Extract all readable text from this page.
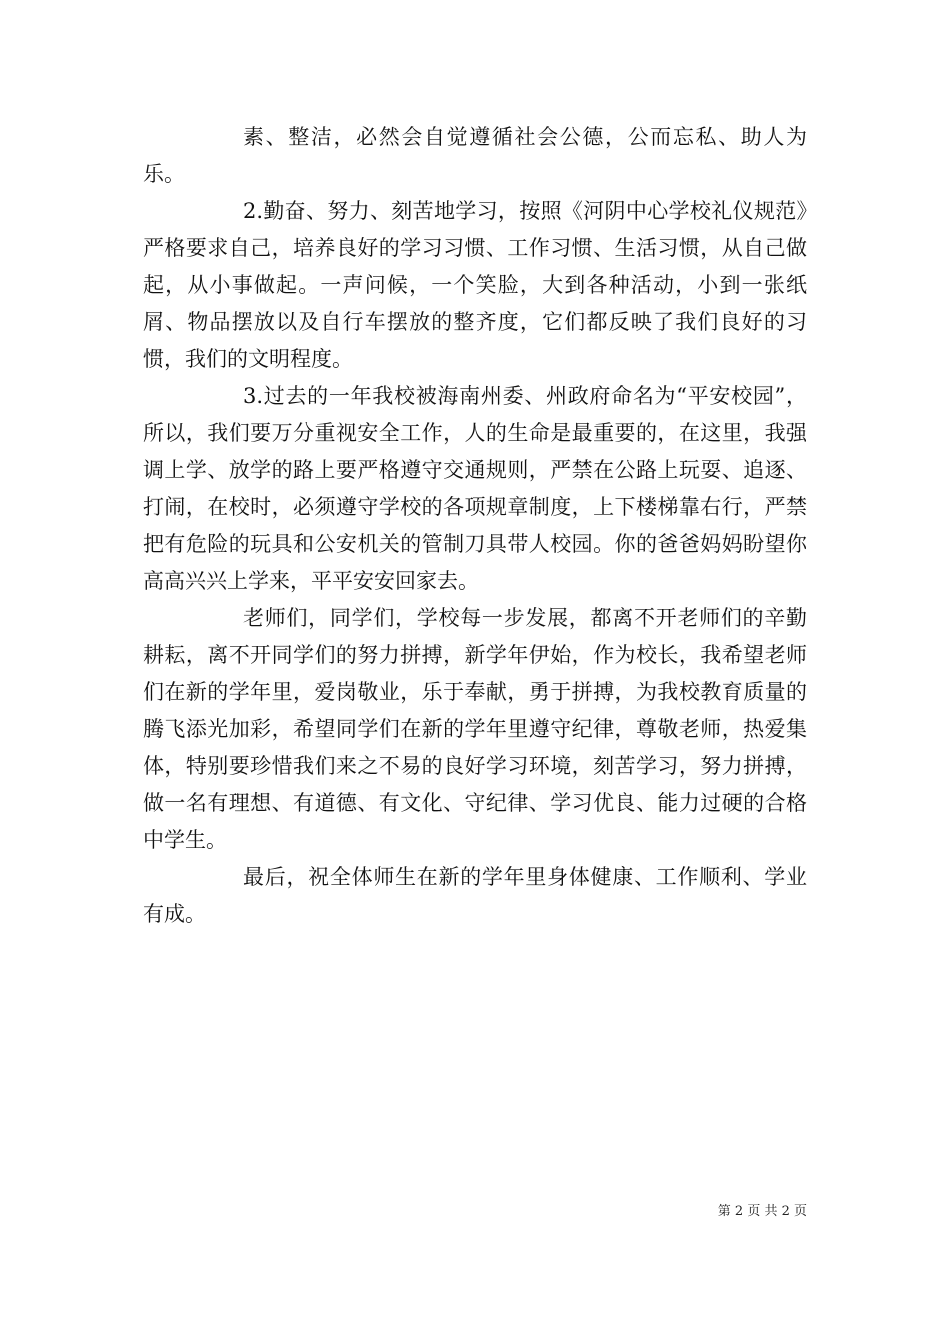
素、整洁，必然会自觉遵循社会公德，公而忘私、助人为乐。

2.勤奋、努力、刻苦地学习，按照《河阴中心学校礼仪规范》严格要求自己，培养良好的学习习惯、工作习惯、生活习惯，从自己做起，从小事做起。一声问候，一个笑脸，大到各种活动，小到一张纸屑、物品摆放以及自行车摆放的整齐度，它们都反映了我们良好的习惯，我们的文明程度。

3.过去的一年我校被海南州委、州政府命名为“平安校园”，所以，我们要万分重视安全工作，人的生命是最重要的，在这里，我强调上学、放学的路上要严格遵守交通规则，严禁在公路上玩耍、追逐、打闹，在校时，必须遵守学校的各项规章制度，上下楼梯靠右行，严禁把有危险的玩具和公安机关的管制刀具带人校园。你的爸爸妈妈盼望你高高兴兴上学来，平平安安回家去。

老师们，同学们，学校每一步发展，都离不开老师们的辛勤耕耘，离不开同学们的努力拼搏，新学年伊始，作为校长，我希望老师们在新的学年里，爱岗敬业，乐于奉献，勇于拼搏，为我校教育质量的腾飞添光加彩，希望同学们在新的学年里遵守纪律，尊敬老师，热爱集体，特别要珍惜我们来之不易的良好学习环境，刻苦学习，努力拼搏，做一名有理想、有道德、有文化、守纪律、学习优良、能力过硬的合格中学生。

最后，祝全体师生在新的学年里身体健康、工作顺利、学业有成。

第 2 页 共 2 页
